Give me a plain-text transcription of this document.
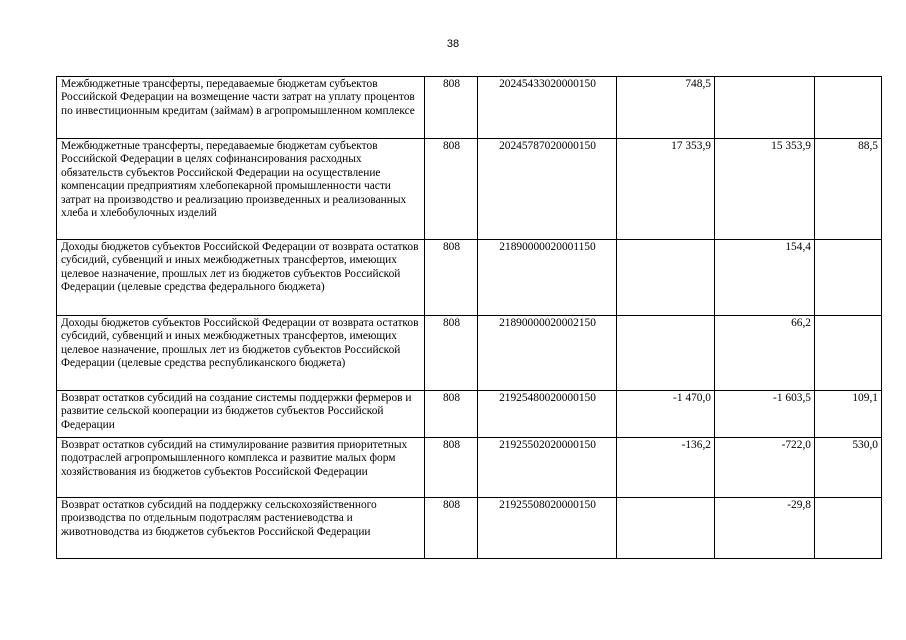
38
Межбюджетные трансферты, передаваемые бюджетам субъектов Российской Федерации на возмещение части затрат на уплату процентов по инвестиционным кредитам (займам) в агропромышленном комплексе	808	20245433020000150	748,5		
Межбюджетные трансферты, передаваемые бюджетам субъектов Российской Федерации в целях софинансирования расходных обязательств субъектов Российской Федерации на осуществление компенсации предприятиям хлебопекарной промышленности части затрат на производство и реализацию произведенных и реализованных хлеба и хлебобулочных изделий	808	20245787020000150	17 353,9	15 353,9	88,5
Доходы бюджетов субъектов Российской Федерации от возврата остатков субсидий, субвенций и иных межбюджетных трансфертов, имеющих целевое назначение, прошлых лет из бюджетов субъектов Российской Федерации (целевые средства федерального бюджета)	808	21890000020001150		154,4	
Доходы бюджетов субъектов Российской Федерации от возврата остатков субсидий, субвенций и иных межбюджетных трансфертов, имеющих целевое назначение, прошлых лет из бюджетов субъектов Российской Федерации (целевые средства республиканского бюджета)	808	21890000020002150		66,2	
Возврат остатков субсидий на создание системы поддержки фермеров и развитие сельской кооперации из бюджетов субъектов Российской Федерации	808	21925480020000150	-1 470,0	-1 603,5	109,1
Возврат остатков субсидий на стимулирование развития приоритетных подотраслей агропромышленного комплекса и развитие малых форм хозяйствования из бюджетов субъектов Российской Федерации	808	21925502020000150	-136,2	-722,0	530,0
Возврат остатков субсидий на поддержку сельскохозяйственного производства по отдельным подотраслям растениеводства и животноводства из бюджетов субъектов Российской Федерации	808	21925508020000150		-29,8	
